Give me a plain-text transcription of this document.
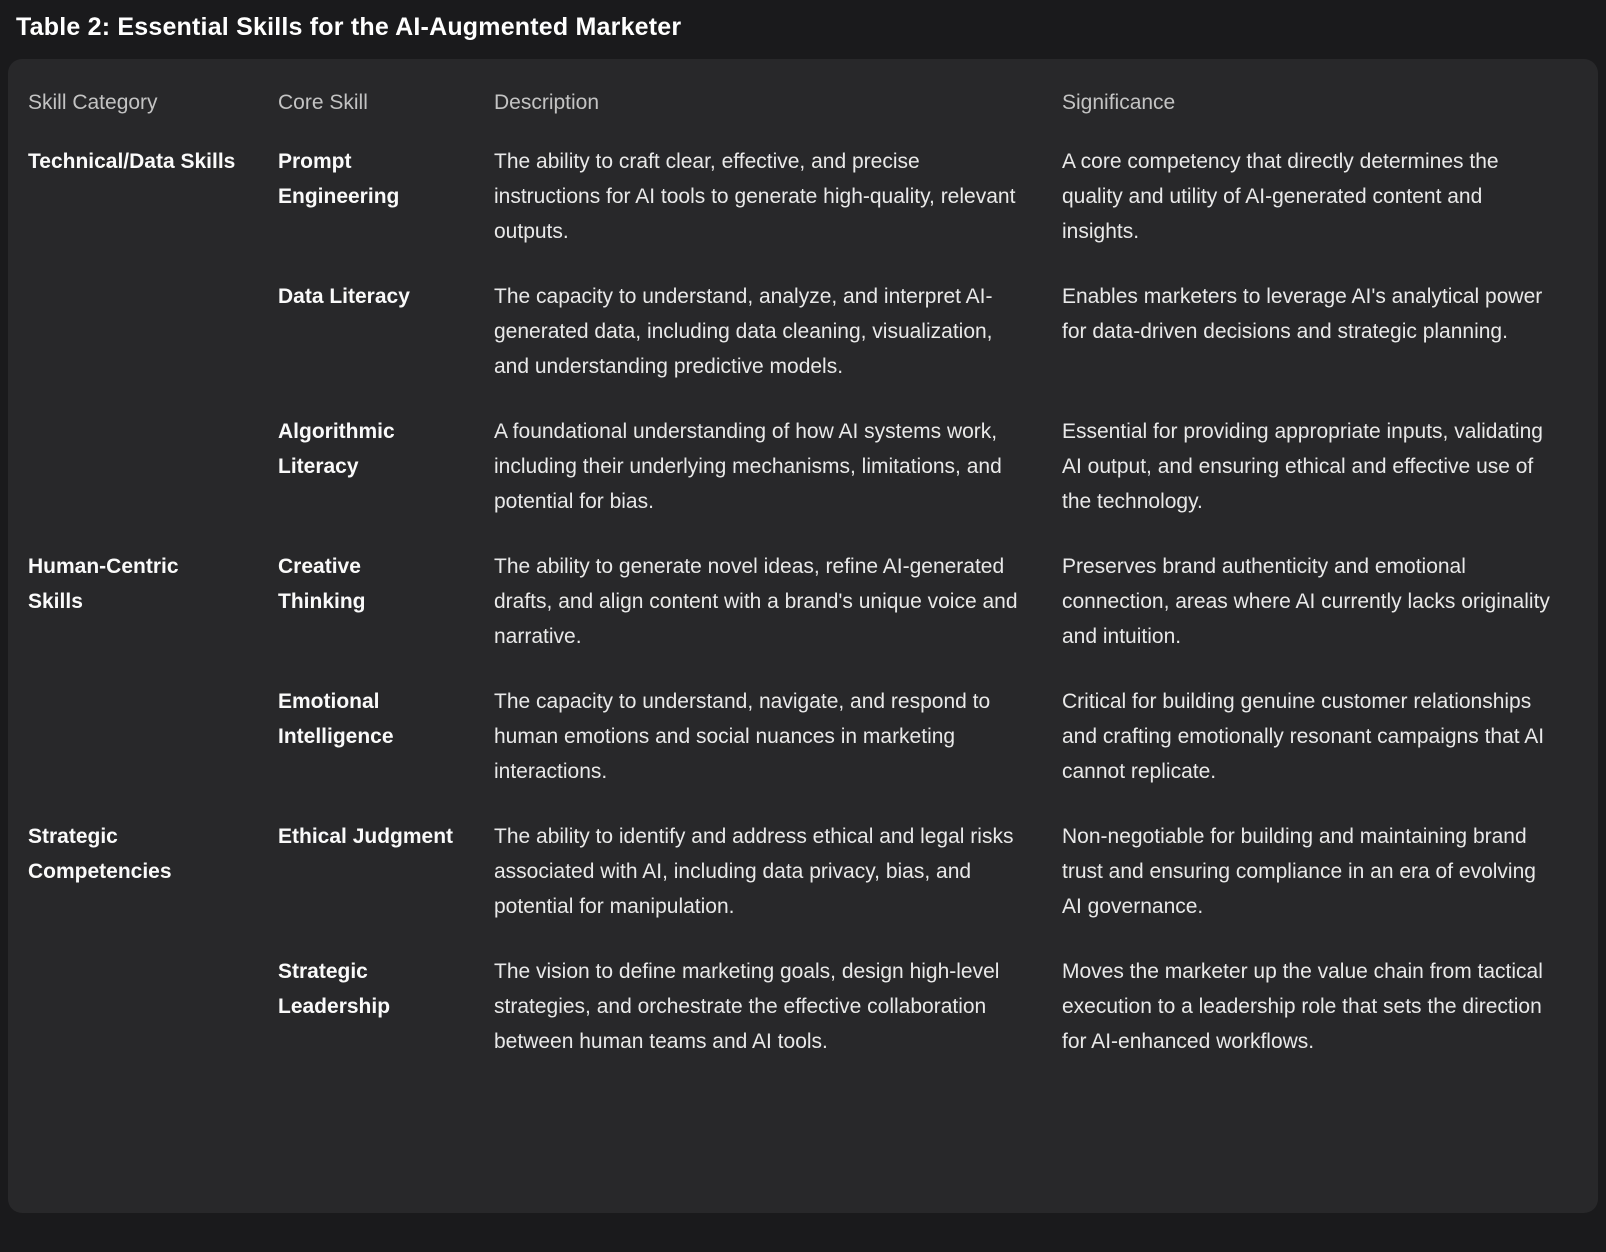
Table 2: Essential Skills for the AI-Augmented Marketer
Skill Category	Core Skill	Description	Significance
Technical/Data Skills	Prompt Engineering	The ability to craft clear, effective, and precise instructions for AI tools to generate high-quality, relevant outputs.	A core competency that directly determines the quality and utility of AI-generated content and insights.
	Data Literacy	The capacity to understand, analyze, and interpret AI-generated data, including data cleaning, visualization, and understanding predictive models.	Enables marketers to leverage AI's analytical power for data-driven decisions and strategic planning.
	Algorithmic Literacy	A foundational understanding of how AI systems work, including their underlying mechanisms, limitations, and potential for bias.	Essential for providing appropriate inputs, validating AI output, and ensuring ethical and effective use of the technology.
Human-Centric Skills	Creative Thinking	The ability to generate novel ideas, refine AI-generated drafts, and align content with a brand's unique voice and narrative.	Preserves brand authenticity and emotional connection, areas where AI currently lacks originality and intuition.
	Emotional Intelligence	The capacity to understand, navigate, and respond to human emotions and social nuances in marketing interactions.	Critical for building genuine customer relationships and crafting emotionally resonant campaigns that AI cannot replicate.
Strategic Competencies	Ethical Judgment	The ability to identify and address ethical and legal risks associated with AI, including data privacy, bias, and potential for manipulation.	Non-negotiable for building and maintaining brand trust and ensuring compliance in an era of evolving AI governance.
	Strategic Leadership	The vision to define marketing goals, design high-level strategies, and orchestrate the effective collaboration between human teams and AI tools.	Moves the marketer up the value chain from tactical execution to a leadership role that sets the direction for AI-enhanced workflows.
